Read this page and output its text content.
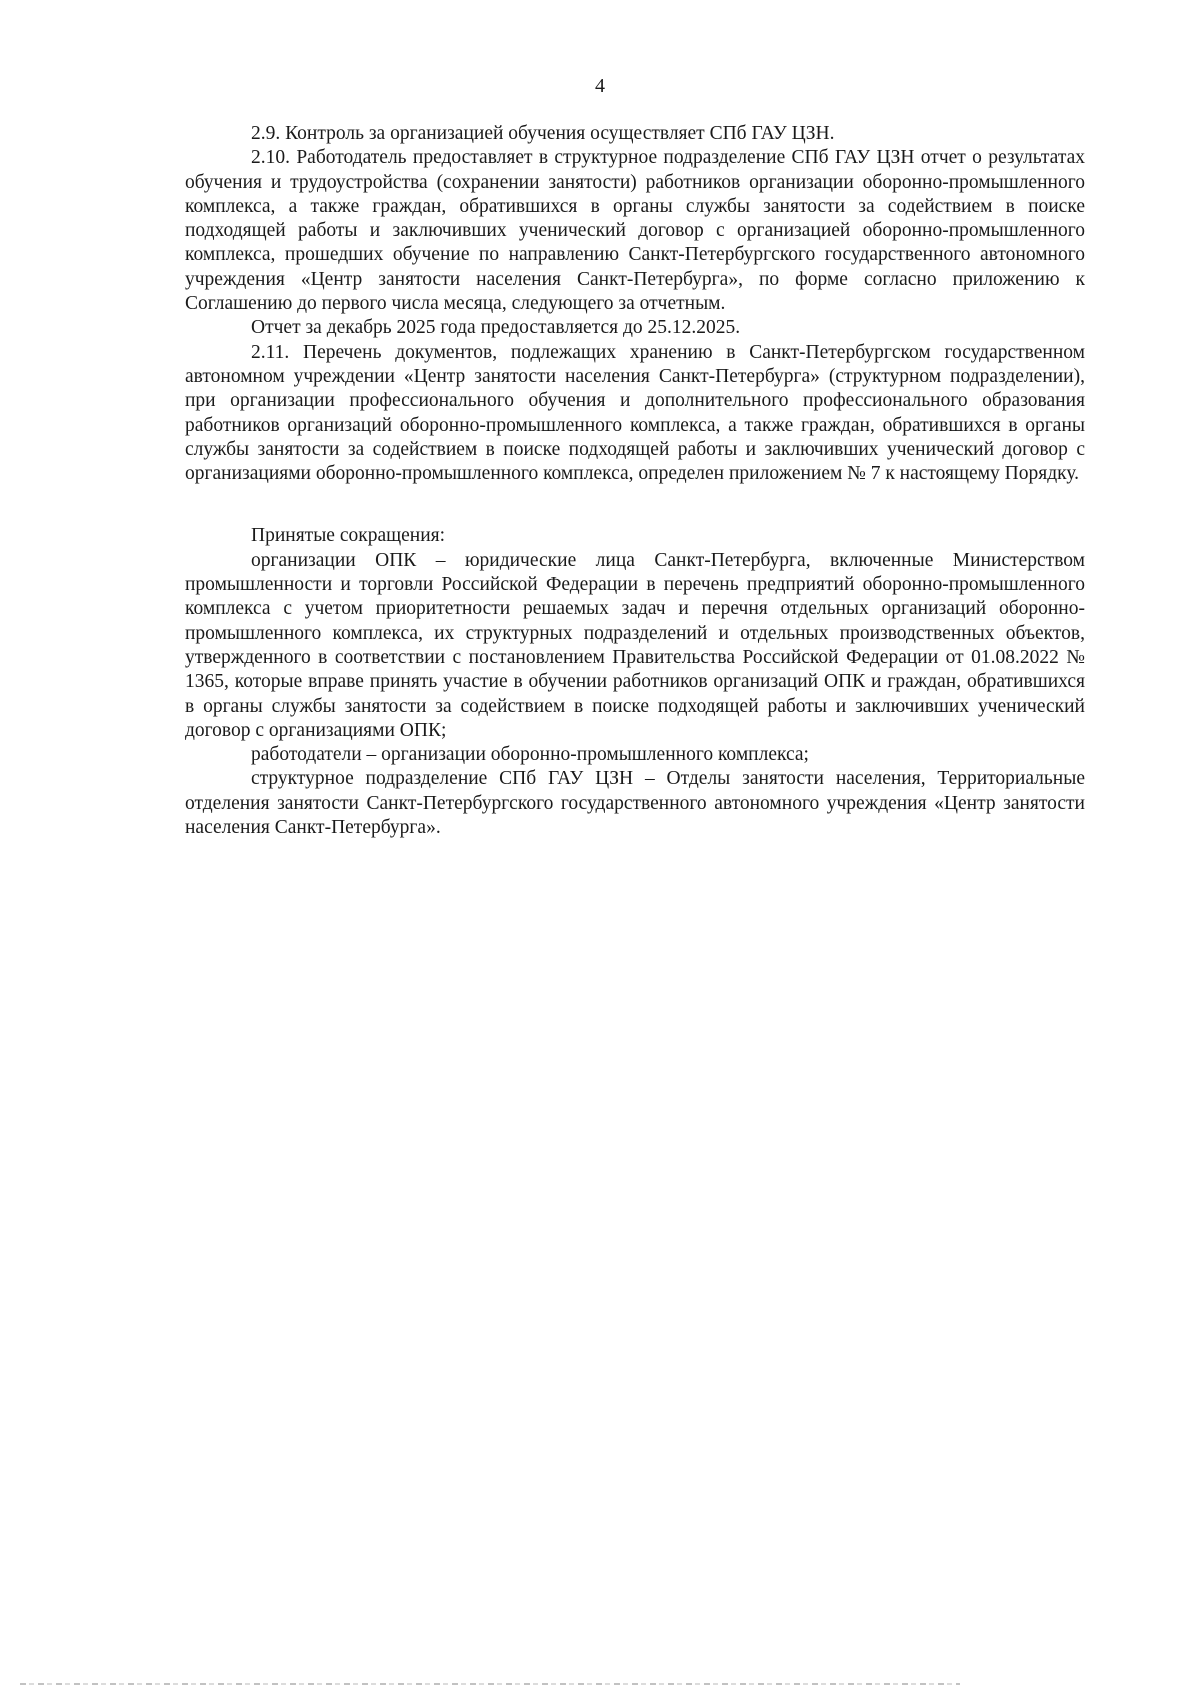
4

2.9. Контроль за организацией обучения осуществляет СПб ГАУ ЦЗН.

2.10. Работодатель предоставляет в структурное подразделение СПб ГАУ ЦЗН отчет о результатах обучения и трудоустройства (сохранении занятости) работников организации оборонно-промышленного комплекса, а также граждан, обратившихся в органы службы занятости за содействием в поиске подходящей работы и заключивших ученический договор с организацией оборонно-промышленного комплекса, прошедших обучение по направлению Санкт-Петербургского государственного автономного учреждения «Центр занятости населения Санкт-Петербурга», по форме согласно приложению к Соглашению до первого числа месяца, следующего за отчетным.

Отчет за декабрь 2025 года предоставляется до 25.12.2025.

2.11. Перечень документов, подлежащих хранению в Санкт-Петербургском государственном автономном учреждении «Центр занятости населения Санкт-Петербурга» (структурном подразделении), при организации профессионального обучения и дополнительного профессионального образования работников организаций оборонно-промышленного комплекса, а также граждан, обратившихся в органы службы занятости за содействием в поиске подходящей работы и заключивших ученический договор с организациями оборонно-промышленного комплекса, определен приложением № 7 к настоящему Порядку.

Принятые сокращения:

организации ОПК – юридические лица Санкт-Петербурга, включенные Министерством промышленности и торговли Российской Федерации в перечень предприятий оборонно-промышленного комплекса с учетом приоритетности решаемых задач и перечня отдельных организаций оборонно-промышленного комплекса, их структурных подразделений и отдельных производственных объектов, утвержденного в соответствии с постановлением Правительства Российской Федерации от 01.08.2022 № 1365, которые вправе принять участие в обучении работников организаций ОПК и граждан, обратившихся в органы службы занятости за содействием в поиске подходящей работы и заключивших ученический договор с организациями ОПК;

работодатели – организации оборонно-промышленного комплекса;

структурное подразделение СПб ГАУ ЦЗН – Отделы занятости населения, Территориальные отделения занятости Санкт-Петербургского государственного автономного учреждения «Центр занятости населения Санкт-Петербурга».
